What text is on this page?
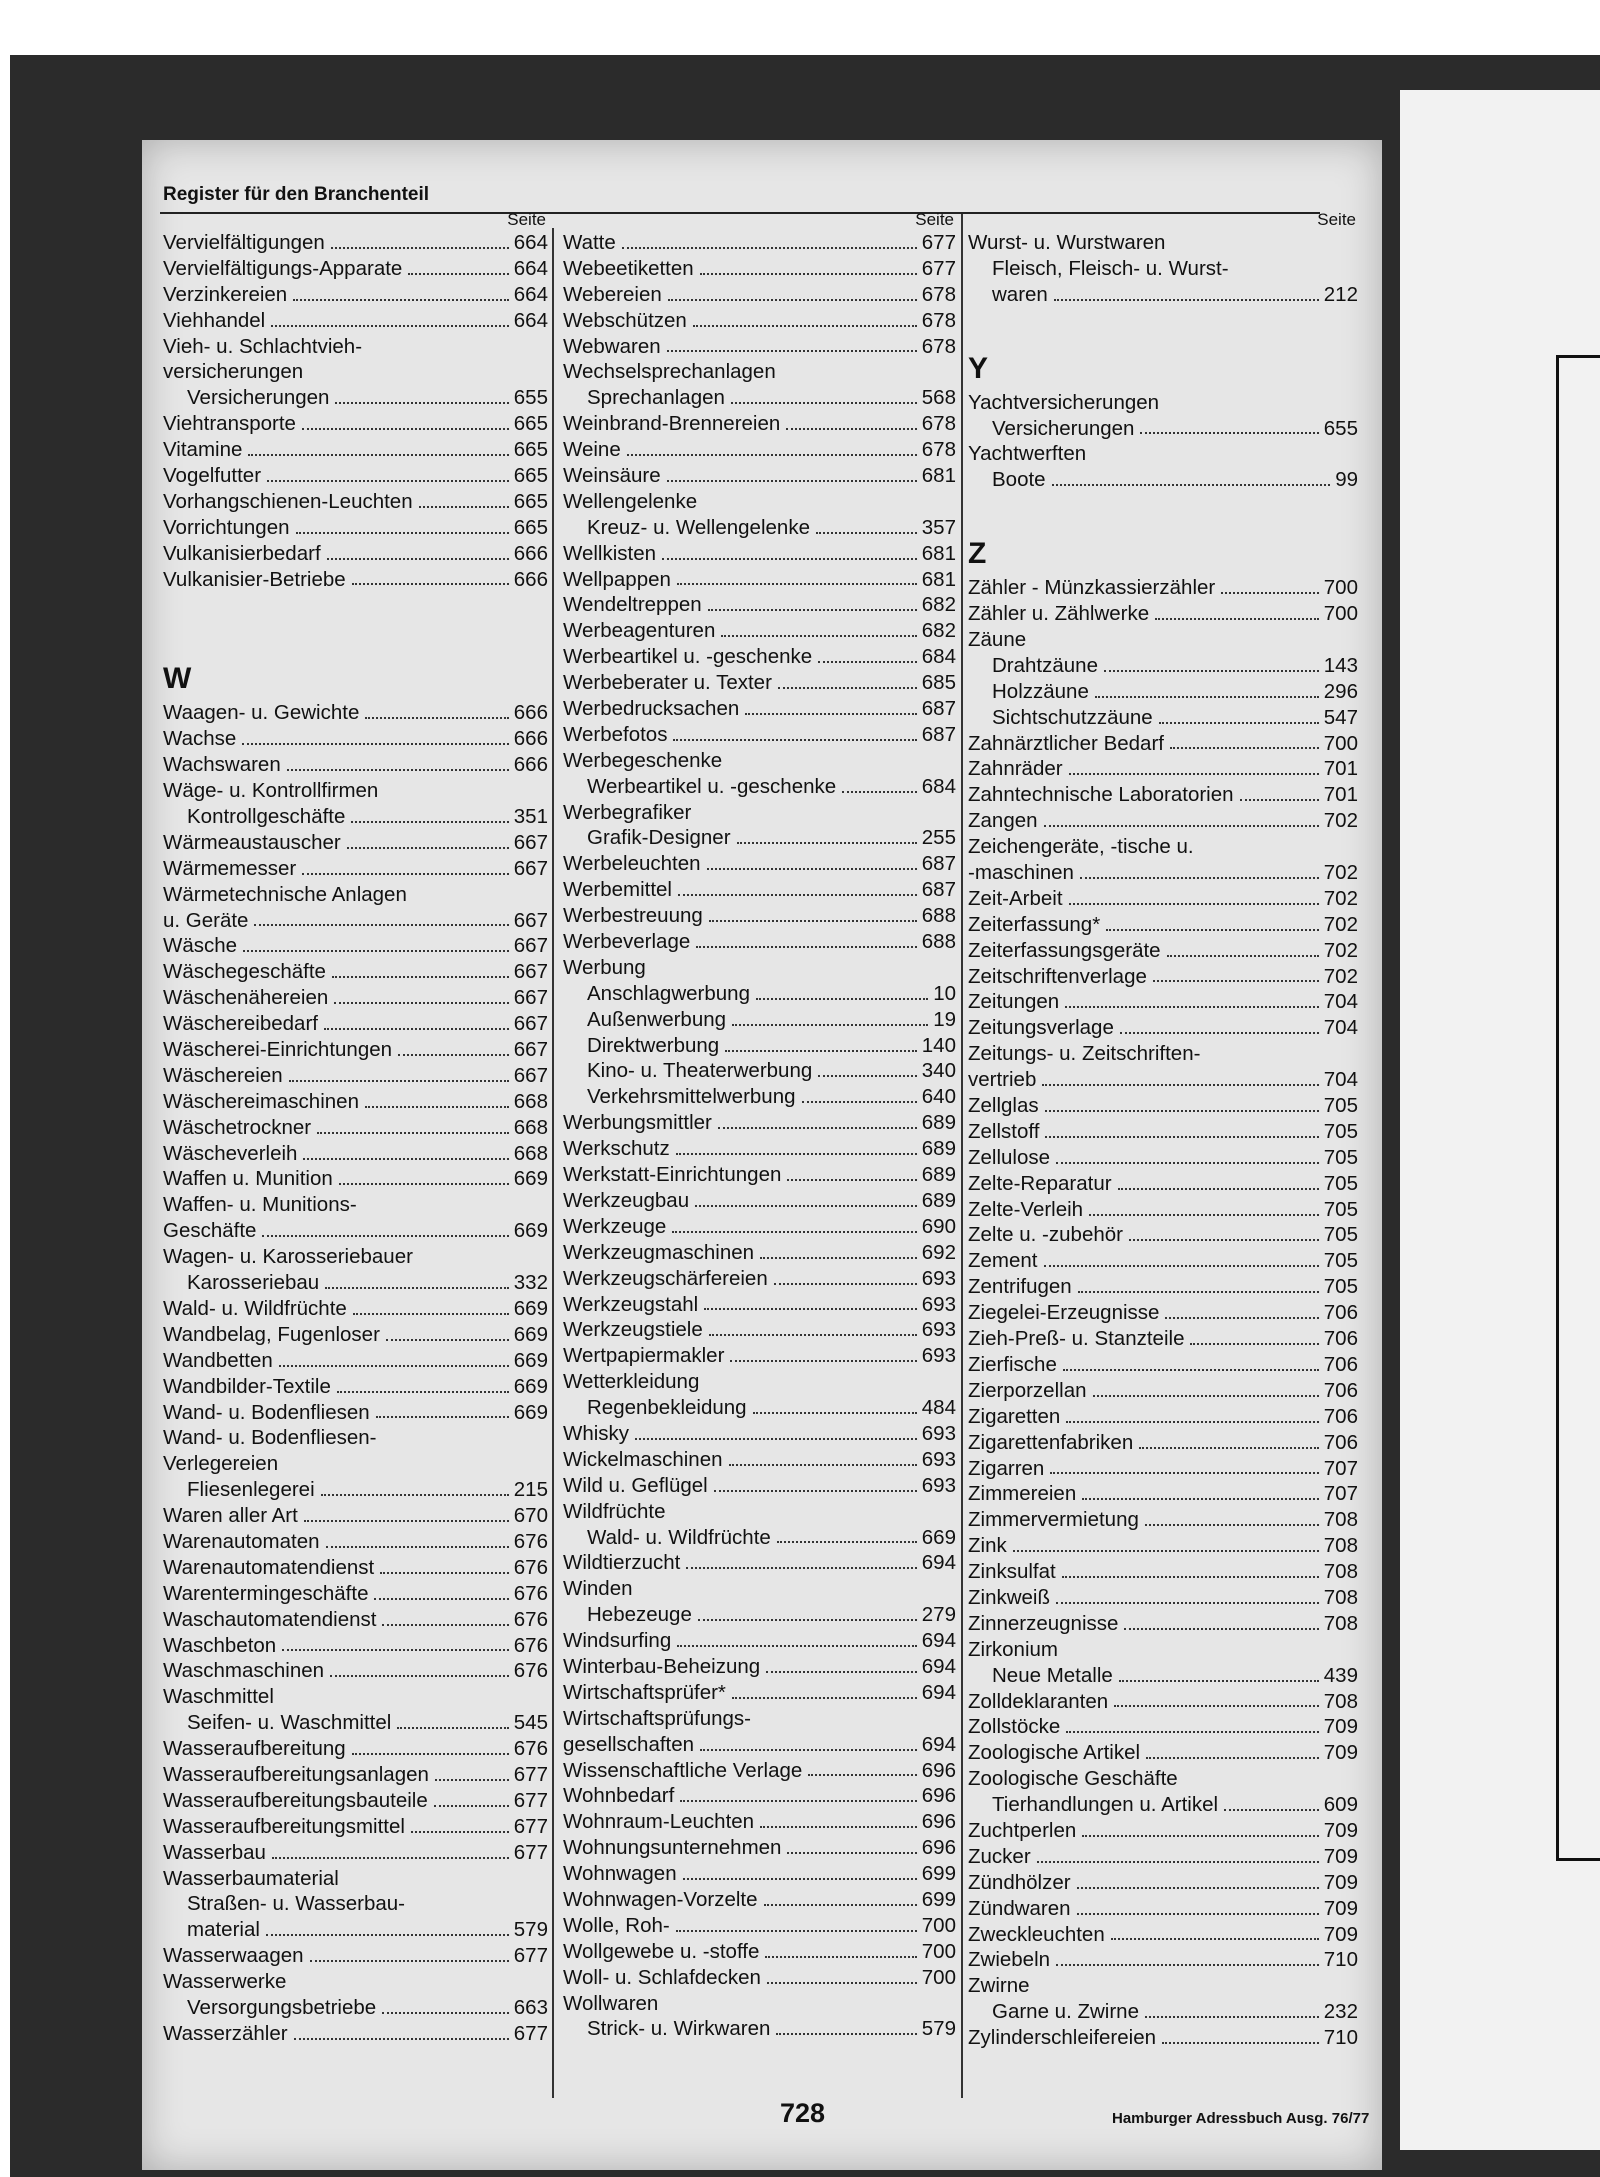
Register für den Branchenteil
Seite
Vervielfältigungen	664
Vervielfältigungs-Apparate	664
Verzinkereien	664
Viehhandel	664
Vieh- u. Schlachtvieh-
versicherungen
Versicherungen	655
Viehtransporte	665
Vitamine	665
Vogelfutter	665
Vorhangschienen-Leuchten	665
Vorrichtungen	665
Vulkanisierbedarf	666
Vulkanisier-Betriebe	666
W
Waagen- u. Gewichte	666
Wachse	666
Wachswaren	666
Wäge- u. Kontrollfirmen
Kontrollgeschäfte	351
Wärmeaustauscher	667
Wärmemesser	667
Wärmetechnische Anlagen
u. Geräte	667
Wäsche	667
Wäschegeschäfte	667
Wäschenähereien	667
Wäschereibedarf	667
Wäscherei-Einrichtungen	667
Wäschereien	667
Wäschereimaschinen	668
Wäschetrockner	668
Wäscheverleih	668
Waffen u. Munition	669
Waffen- u. Munitions-
Geschäfte	669
Wagen- u. Karosseriebauer
Karosseriebau	332
Wald- u. Wildfrüchte	669
Wandbelag, Fugenloser	669
Wandbetten	669
Wandbilder-Textile	669
Wand- u. Bodenfliesen	669
Wand- u. Bodenfliesen-
Verlegereien
Fliesenlegerei	215
Waren aller Art	670
Warenautomaten	676
Warenautomatendienst	676
Warentermingeschäfte	676
Waschautomatendienst	676
Waschbeton	676
Waschmaschinen	676
Waschmittel
Seifen- u. Waschmittel	545
Wasseraufbereitung	676
Wasseraufbereitungsanlagen	677
Wasseraufbereitungsbauteile	677
Wasseraufbereitungsmittel	677
Wasserbau	677
Wasserbaumaterial
Straßen- u. Wasserbau-
material	579
Wasserwaagen	677
Wasserwerke
Versorgungsbetriebe	663
Wasserzähler	677
Seite
Watte	677
Webeetiketten	677
Webereien	678
Webschützen	678
Webwaren	678
Wechselsprechanlagen
Sprechanlagen	568
Weinbrand-Brennereien	678
Weine	678
Weinsäure	681
Wellengelenke
Kreuz- u. Wellengelenke	357
Wellkisten	681
Wellpappen	681
Wendeltreppen	682
Werbeagenturen	682
Werbeartikel u. -geschenke	684
Werbeberater u. Texter	685
Werbedrucksachen	687
Werbefotos	687
Werbegeschenke
Werbeartikel u. -geschenke	684
Werbegrafiker
Grafik-Designer	255
Werbeleuchten	687
Werbemittel	687
Werbestreuung	688
Werbeverlage	688
Werbung
Anschlagwerbung	10
Außenwerbung	19
Direktwerbung	140
Kino- u. Theaterwerbung	340
Verkehrsmittelwerbung	640
Werbungsmittler	689
Werkschutz	689
Werkstatt-Einrichtungen	689
Werkzeugbau	689
Werkzeuge	690
Werkzeugmaschinen	692
Werkzeugschärfereien	693
Werkzeugstahl	693
Werkzeugstiele	693
Wertpapiermakler	693
Wetterkleidung
Regenbekleidung	484
Whisky	693
Wickelmaschinen	693
Wild u. Geflügel	693
Wildfrüchte
Wald- u. Wildfrüchte	669
Wildtierzucht	694
Winden
Hebezeuge	279
Windsurfing	694
Winterbau-Beheizung	694
Wirtschaftsprüfer*	694
Wirtschaftsprüfungs-
gesellschaften	694
Wissenschaftliche Verlage	696
Wohnbedarf	696
Wohnraum-Leuchten	696
Wohnungsunternehmen	696
Wohnwagen	699
Wohnwagen-Vorzelte	699
Wolle, Roh-	700
Wollgewebe u. -stoffe	700
Woll- u. Schlafdecken	700
Wollwaren
Strick- u. Wirkwaren	579
Seite
Wurst- u. Wurstwaren
Fleisch, Fleisch- u. Wurst-
waren	212
Y
Yachtversicherungen
Versicherungen	655
Yachtwerften
Boote	99
Z
Zähler - Münzkassierzähler	700
Zähler u. Zählwerke	700
Zäune
Drahtzäune	143
Holzzäune	296
Sichtschutzzäune	547
Zahnärztlicher Bedarf	700
Zahnräder	701
Zahntechnische Laboratorien	701
Zangen	702
Zeichengeräte, -tische u.
-maschinen	702
Zeit-Arbeit	702
Zeiterfassung*	702
Zeiterfassungsgeräte	702
Zeitschriftenverlage	702
Zeitungen	704
Zeitungsverlage	704
Zeitungs- u. Zeitschriften-
vertrieb	704
Zellglas	705
Zellstoff	705
Zellulose	705
Zelte-Reparatur	705
Zelte-Verleih	705
Zelte u. -zubehör	705
Zement	705
Zentrifugen	705
Ziegelei-Erzeugnisse	706
Zieh-Preß- u. Stanzteile	706
Zierfische	706
Zierporzellan	706
Zigaretten	706
Zigarettenfabriken	706
Zigarren	707
Zimmereien	707
Zimmervermietung	708
Zink	708
Zinksulfat	708
Zinkweiß	708
Zinnerzeugnisse	708
Zirkonium
Neue Metalle	439
Zolldeklaranten	708
Zollstöcke	709
Zoologische Artikel	709
Zoologische Geschäfte
Tierhandlungen u. Artikel	609
Zuchtperlen	709
Zucker	709
Zündhölzer	709
Zündwaren	709
Zweckleuchten	709
Zwiebeln	710
Zwirne
Garne u. Zwirne	232
Zylinderschleifereien	710
728	Hamburger Adressbuch Ausg. 76/77
